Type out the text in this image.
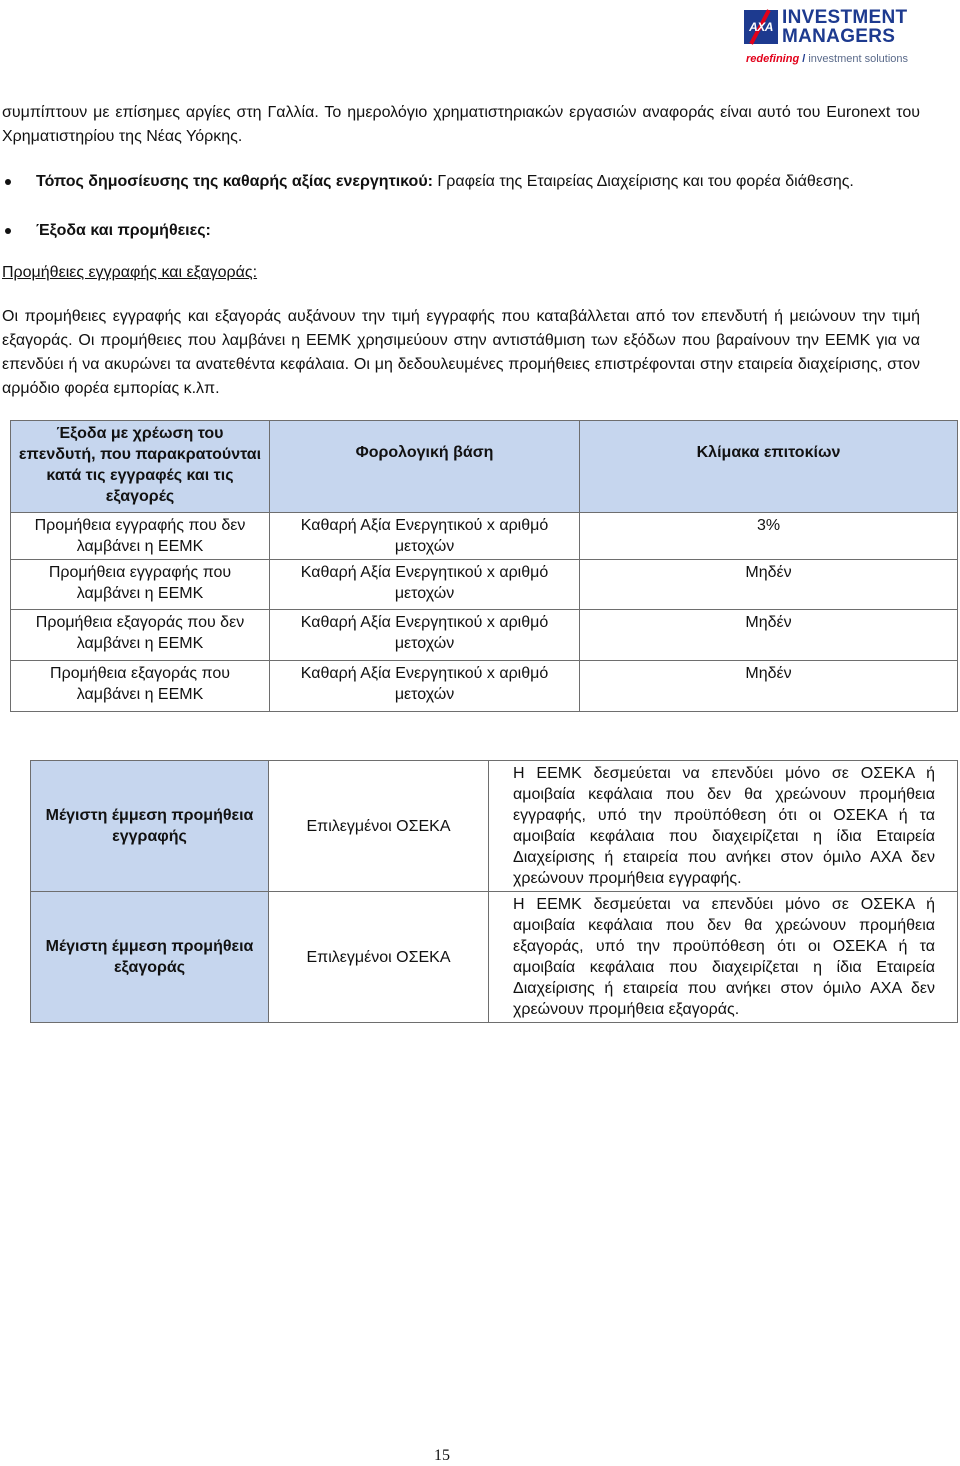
AXA INVESTMENT
MANAGERS
redefining / investment solutions
συμπίπτουν με επίσημες αργίες στη Γαλλία. Το ημερολόγιο χρηματιστηριακών εργασιών αναφοράς είναι αυτό του Euronext του Χρηματιστηρίου της Νέας Υόρκης.
Τόπος δημοσίευσης της καθαρής αξίας ενεργητικού: Γραφεία της Εταιρείας Διαχείρισης και του φορέα διάθεσης.
Έξοδα και προμήθειες:
Προμήθειες εγγραφής και εξαγοράς:
Οι προμήθειες εγγραφής και εξαγοράς αυξάνουν την τιμή εγγραφής που καταβάλλεται από τον επενδυτή ή μειώνουν την τιμή εξαγοράς. Οι προμήθειες που λαμβάνει η ΕΕΜΚ χρησιμεύουν στην αντιστάθμιση των εξόδων που βαραίνουν την ΕΕΜΚ για να επενδύει ή να ακυρώνει τα ανατεθέντα κεφάλαια. Οι μη δεδουλευμένες προμήθειες επιστρέφονται στην εταιρεία διαχείρισης, στον αρμόδιο φορέα εμπορίας κ.λπ.
Έξοδα με χρέωση του επενδυτή, που παρακρατούνται κατά τις εγγραφές και τις εξαγορές	Φορολογική βάση	Κλίμακα επιτοκίων
Προμήθεια εγγραφής που δεν λαμβάνει η ΕΕΜΚ	Καθαρή Αξία Ενεργητικού x αριθμό μετοχών	3%
Προμήθεια εγγραφής που λαμβάνει η ΕΕΜΚ	Καθαρή Αξία Ενεργητικού x αριθμό μετοχών	Μηδέν
Προμήθεια εξαγοράς που δεν λαμβάνει η ΕΕΜΚ	Καθαρή Αξία Ενεργητικού x αριθμό μετοχών	Μηδέν
Προμήθεια εξαγοράς που λαμβάνει η ΕΕΜΚ	Καθαρή Αξία Ενεργητικού x αριθμό μετοχών	Μηδέν
Μέγιστη έμμεση προμήθεια εγγραφής	Επιλεγμένοι ΟΣΕΚΑ	Η ΕΕΜΚ δεσμεύεται να επενδύει μόνο σε ΟΣΕΚΑ ή αμοιβαία κεφάλαια που δεν θα χρεώνουν προμήθεια εγγραφής, υπό την προϋπόθεση ότι οι ΟΣΕΚΑ ή τα αμοιβαία κεφάλαια που διαχειρίζεται η ίδια Εταιρεία Διαχείρισης ή εταιρεία που ανήκει στον όμιλο ΑΧΑ δεν χρεώνουν προμήθεια εγγραφής.
Μέγιστη έμμεση προμήθεια εξαγοράς	Επιλεγμένοι ΟΣΕΚΑ	Η ΕΕΜΚ δεσμεύεται να επενδύει μόνο σε ΟΣΕΚΑ ή αμοιβαία κεφάλαια που δεν θα χρεώνουν προμήθεια εξαγοράς, υπό την προϋπόθεση ότι οι ΟΣΕΚΑ ή τα αμοιβαία κεφάλαια που διαχειρίζεται η ίδια Εταιρεία Διαχείρισης ή εταιρεία που ανήκει στον όμιλο ΑΧΑ δεν χρεώνουν προμήθεια εξαγοράς.
15
